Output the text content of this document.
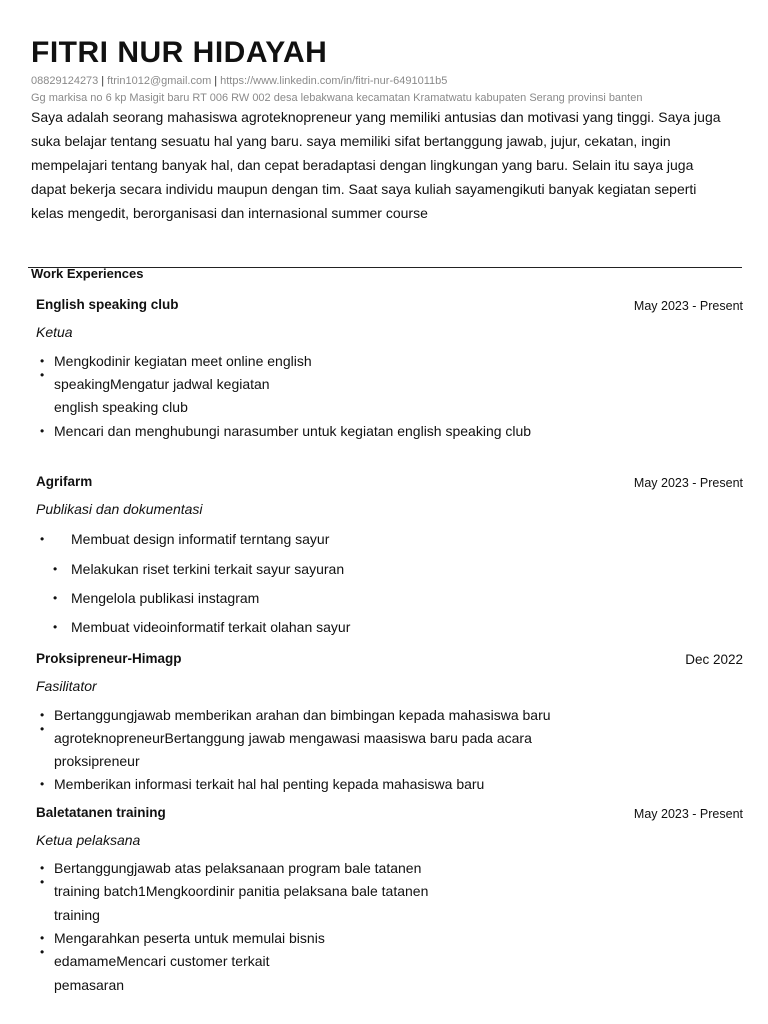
FITRI NUR HIDAYAH
08829124273 | ftrin1012@gmail.com | https://www.linkedin.com/in/fitri-nur-6491011b5
Gg markisa no 6 kp Masigit baru RT 006 RW 002 desa lebakwana kecamatan Kramatwatu kabupaten Serang provinsi banten
Saya adalah seorang mahasiswa agroteknopreneur yang memiliki antusias dan motivasi yang tinggi. Saya juga
suka belajar tentang sesuatu hal yang baru. saya memiliki sifat bertanggung jawab, jujur, cekatan, ingin
mempelajari tentang banyak hal, dan cepat beradaptasi dengan lingkungan yang baru. Selain itu saya juga
dapat bekerja secara individu maupun dengan tim. Saat saya kuliah sayamengikuti banyak kegiatan seperti
kelas mengedit, berorganisasi dan internasional summer course
Work Experiences
English speaking club	May 2023 - Present
Ketua
•
•
Mengkodinir kegiatan meet online english
speakingMengatur jadwal kegiatan
english speaking club
• Mencari dan menghubungi narasumber untuk kegiatan english speaking club
Agrifarm	May 2023 - Present
Publikasi dan dokumentasi
• Membuat design informatif terntang sayur
• Melakukan riset terkini terkait sayur sayuran
• Mengelola publikasi instagram
• Membuat videoinformatif terkait olahan sayur
Proksipreneur-Himagp	Dec 2022
Fasilitator
•
•
Bertanggungjawab memberikan arahan dan bimbingan kepada mahasiswa baru
agroteknopreneurBertanggung jawab mengawasi maasiswa baru pada acara
proksipreneur
• Memberikan informasi terkait hal hal penting kepada mahasiswa baru
Baletatanen training	May 2023 - Present
Ketua pelaksana
•
•
Bertanggungjawab atas pelaksanaan program bale tatanen
training batch1Mengkoordinir panitia pelaksana bale tatanen
training
•
•
Mengarahkan peserta untuk memulai bisnis
edamameMencari customer terkait
pemasaran
